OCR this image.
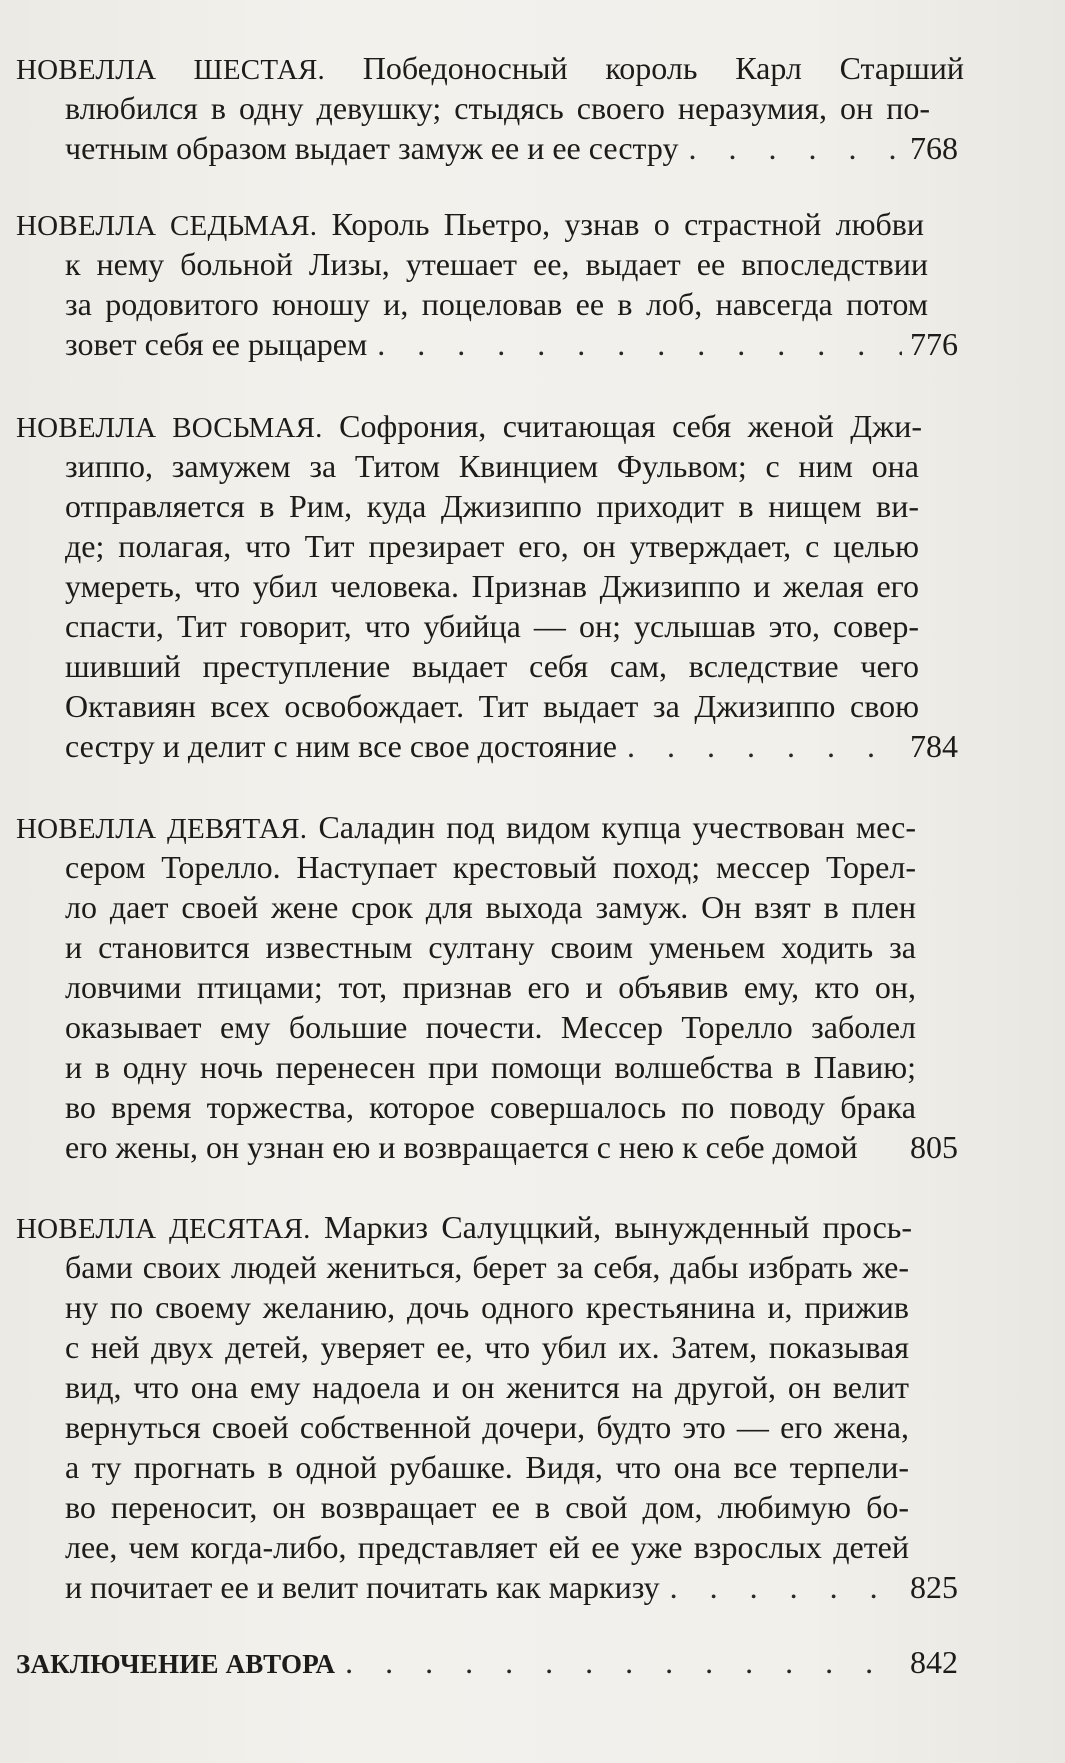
НОВЕЛЛА ШЕСТАЯ. Победоносный король Карл Старший
влюбился в одну девушку; стыдясь своего неразумия, он по-
четным образом выдает замуж ее и ее сестру . . .	768
НОВЕЛЛА СЕДЬМАЯ. Король Пьетро, узнав о страстной любви
к нему больной Лизы, утешает ее, выдает ее впоследствии
за родовитого юношу и, поцеловав ее в лоб, навсегда потом
зовет себя ее рыцарем . . .	776
НОВЕЛЛА ВОСЬМАЯ. Софрония, считающая себя женой Джи-
зиппо, замужем за Титом Квинцием Фульвом; с ним она
отправляется в Рим, куда Джизиппо приходит в нищем ви-
де; полагая, что Тит презирает его, он утверждает, с целью
умереть, что убил человека. Признав Джизиппо и желая его
спасти, Тит говорит, что убийца — он; услышав это, совер-
шивший преступление выдает себя сам, вследствие чего
Октавиян всех освобождает. Тит выдает за Джизиппо свою
сестру и делит с ним все свое достояние . . .	784
НОВЕЛЛА ДЕВЯТАЯ. Саладин под видом купца учествован мес-
сером Торелло. Наступает крестовый поход; мессер Торел-
ло дает своей жене срок для выхода замуж. Он взят в плен
и становится известным султану своим уменьем ходить за
ловчими птицами; тот, признав его и объявив ему, кто он,
оказывает ему большие почести. Мессер Торелло заболел
и в одну ночь перенесен при помощи волшебства в Павию;
во время торжества, которое совершалось по поводу брака
его жены, он узнан ею и возвращается с нею к себе домой 805
НОВЕЛЛА ДЕСЯТАЯ. Маркиз Салуццкий, вынужденный прось-
бами своих людей жениться, берет за себя, дабы избрать же-
ну по своему желанию, дочь одного крестьянина и, прижив
с ней двух детей, уверяет ее, что убил их. Затем, показывая
вид, что она ему надоела и он женится на другой, он велит
вернуться своей собственной дочери, будто это — его жена,
а ту прогнать в одной рубашке. Видя, что она все терпели-
во переносит, он возвращает ее в свой дом, любимую бо-
лее, чем когда-либо, представляет ей ее уже взрослых детей
и почитает ее и велит почитать как маркизу . . .	825
ЗАКЛЮЧЕНИЕ АВТОРА . . .	842
